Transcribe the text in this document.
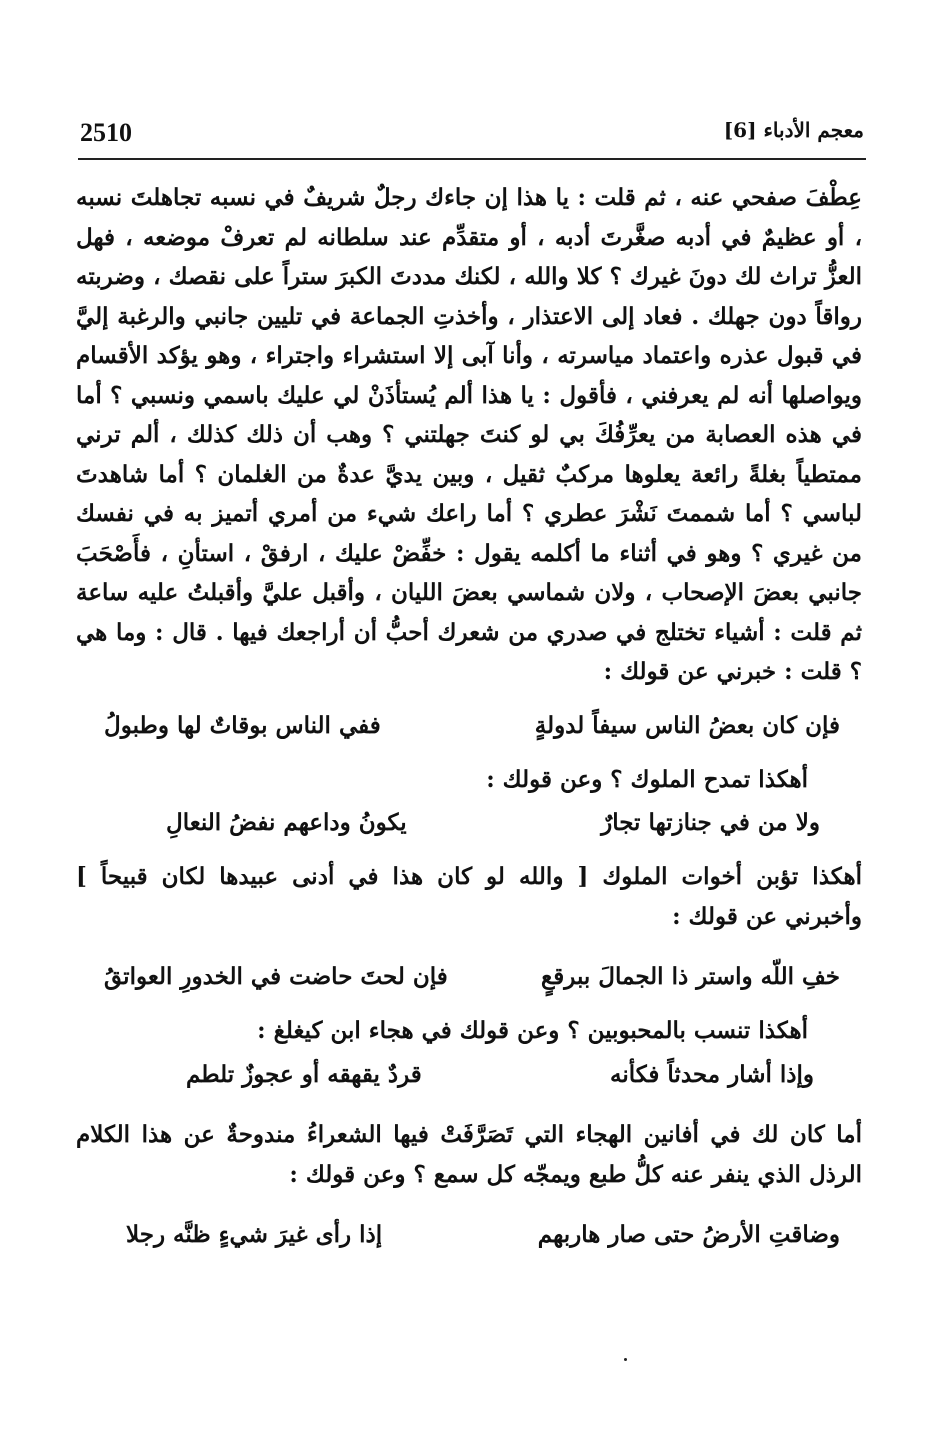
2510	معجم الأدباء [6]

عِطْفَ صفحي عنه ، ثم قلت : يا هذا إن جاءك رجلٌ شريفٌ في نسبه تجاهلتَ نسبه ، أو عظيمٌ في أدبه صغَّرتَ أدبه ، أو متقدِّم عند سلطانه لم تعرفْ موضعه ، فهل العزُّ تراث لك دونَ غيرك ؟ كلا والله ، لكنك مددتَ الكبرَ ستراً على نقصك ، وضربته رواقاً دون جهلك . فعاد إلى الاعتذار ، وأخذتِ الجماعة في تليين جانبي والرغبة إليَّ في قبول عذره واعتماد مياسرته ، وأنا آبى إلا استشراء واجتراء ، وهو يؤكد الأقسام ويواصلها أنه لم يعرفني ، فأقول : يا هذا ألم يُستأذَنْ لي عليك باسمي ونسبي ؟ أما في هذه العصابة من يعرِّفُكَ بي لو كنتَ جهلتني ؟ وهب أن ذلك كذلك ، ألم ترني ممتطياً بغلةً رائعة يعلوها مركبٌ ثقيل ، وبين يديَّ عدةٌ من الغلمان ؟ أما شاهدتَ لباسي ؟ أما شممتَ نَشْرَ عطري ؟ أما راعك شيء من أمري أتميز به في نفسك من غيري ؟ وهو في أثناء ما أكلمه يقول : خفِّضْ عليك ، ارفقْ ، استأنِ ، فأَصْحَبَ جانبي بعضَ الإصحاب ، ولان شماسي بعضَ الليان ، وأقبل عليَّ وأقبلتُ عليه ساعة ثم قلت : أشياء تختلج في صدري من شعرك أحبُّ أن أراجعك فيها . قال : وما هي ؟ قلت : خبرني عن قولك :

فإن كان بعضُ الناس سيفاً لدولةٍ
ففي الناس بوقاتٌ لها وطبولُ

أهكذا تمدح الملوك ؟ وعن قولك :

ولا من في جنازتها تجارٌ
يكونُ وداعهم نفضُ النعالِ

أهكذا تؤبن أخوات الملوك [ والله لو كان هذا في أدنى عبيدها لكان قبيحاً ] وأخبرني عن قولك :

خفِ اللّه واستر ذا الجمالَ ببرقعٍ
فإن لحتَ حاضت في الخدورِ العواتقُ

أهكذا تنسب بالمحبوبين ؟ وعن قولك في هجاء ابن كيغلغ :

وإذا أشار محدثاً فكأنه
قردٌ يقهقه أو عجوزٌ تلطم

أما كان لك في أفانين الهجاء التي تَصَرَّفَتْ فيها الشعراءُ مندوحةٌ عن هذا الكلام الرذل الذي ينفر عنه كلُّ طبع ويمجّه كل سمع ؟ وعن قولك :

وضاقتِ الأرضُ حتى صار هاربهم
إذا رأى غيرَ شيءٍ ظنَّه رجلا
